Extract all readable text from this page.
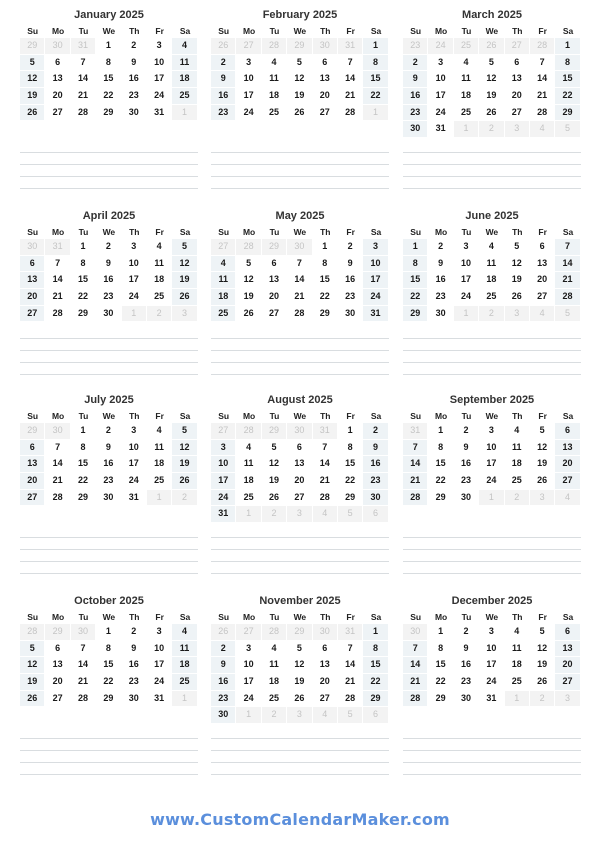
January 2025
Su	Mo	Tu	We	Th	Fr	Sa
29	30	31	1	2	3	4
5	6	7	8	9	10	11
12	13	14	15	16	17	18
19	20	21	22	23	24	25
26	27	28	29	30	31	1
February 2025
Su	Mo	Tu	We	Th	Fr	Sa
26	27	28	29	30	31	1
2	3	4	5	6	7	8
9	10	11	12	13	14	15
16	17	18	19	20	21	22
23	24	25	26	27	28	1
March 2025
Su	Mo	Tu	We	Th	Fr	Sa
23	24	25	26	27	28	1
2	3	4	5	6	7	8
9	10	11	12	13	14	15
16	17	18	19	20	21	22
23	24	25	26	27	28	29
30	31	1	2	3	4	5
April 2025
Su	Mo	Tu	We	Th	Fr	Sa
30	31	1	2	3	4	5
6	7	8	9	10	11	12
13	14	15	16	17	18	19
20	21	22	23	24	25	26
27	28	29	30	1	2	3
May 2025
Su	Mo	Tu	We	Th	Fr	Sa
27	28	29	30	1	2	3
4	5	6	7	8	9	10
11	12	13	14	15	16	17
18	19	20	21	22	23	24
25	26	27	28	29	30	31
June 2025
Su	Mo	Tu	We	Th	Fr	Sa
1	2	3	4	5	6	7
8	9	10	11	12	13	14
15	16	17	18	19	20	21
22	23	24	25	26	27	28
29	30	1	2	3	4	5
July 2025
Su	Mo	Tu	We	Th	Fr	Sa
29	30	1	2	3	4	5
6	7	8	9	10	11	12
13	14	15	16	17	18	19
20	21	22	23	24	25	26
27	28	29	30	31	1	2
August 2025
Su	Mo	Tu	We	Th	Fr	Sa
27	28	29	30	31	1	2
3	4	5	6	7	8	9
10	11	12	13	14	15	16
17	18	19	20	21	22	23
24	25	26	27	28	29	30
31	1	2	3	4	5	6
September 2025
Su	Mo	Tu	We	Th	Fr	Sa
31	1	2	3	4	5	6
7	8	9	10	11	12	13
14	15	16	17	18	19	20
21	22	23	24	25	26	27
28	29	30	1	2	3	4
October 2025
Su	Mo	Tu	We	Th	Fr	Sa
28	29	30	1	2	3	4
5	6	7	8	9	10	11
12	13	14	15	16	17	18
19	20	21	22	23	24	25
26	27	28	29	30	31	1
November 2025
Su	Mo	Tu	We	Th	Fr	Sa
26	27	28	29	30	31	1
2	3	4	5	6	7	8
9	10	11	12	13	14	15
16	17	18	19	20	21	22
23	24	25	26	27	28	29
30	1	2	3	4	5	6
December 2025
Su	Mo	Tu	We	Th	Fr	Sa
30	1	2	3	4	5	6
7	8	9	10	11	12	13
14	15	16	17	18	19	20
21	22	23	24	25	26	27
28	29	30	31	1	2	3
www.CustomCalendarMaker.com
